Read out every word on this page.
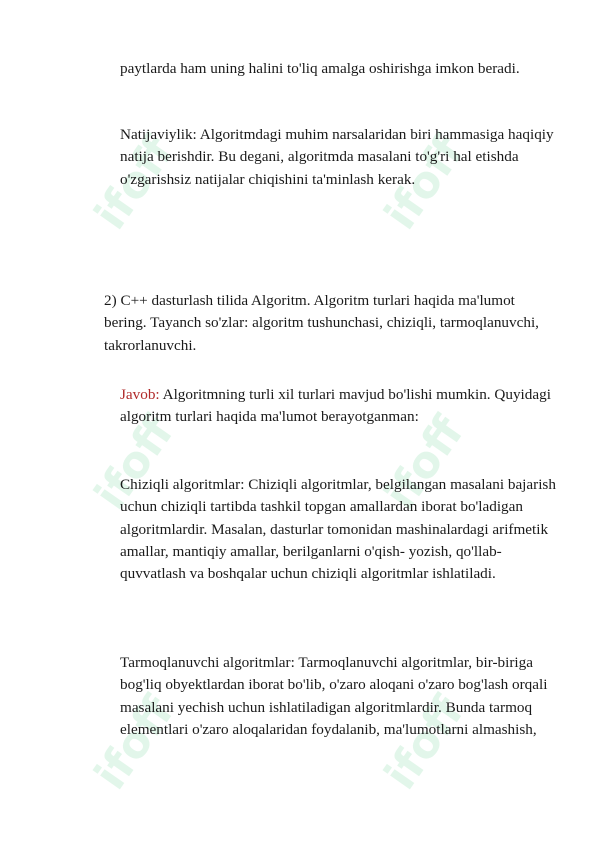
ifoff	ifoff
ifoff	ifoff
ifoff	ifoff

paytlarda ham uning halini to'liq amalga oshirishga imkon beradi.

Natijaviylik: Algoritmdagi muhim narsalaridan biri hammasiga haqiqiy natija berishdir. Bu degani, algoritmda masalani to'g'ri hal etishda o'zgarishsiz natijalar chiqishini ta'minlash kerak.

2) C++ dasturlash tilida Algoritm. Algoritm turlari haqida ma'lumot bering. Tayanch so'zlar: algoritm tushunchasi, chiziqli, tarmoqlanuvchi, takrorlanuvchi.

Javob: Algoritmning turli xil turlari mavjud bo'lishi mumkin. Quyidagi algoritm turlari haqida ma'lumot berayotganman:

Chiziqli algoritmlar: Chiziqli algoritmlar, belgilangan masalani bajarish uchun chiziqli tartibda tashkil topgan amallardan iborat bo'ladigan algoritmlardir. Masalan, dasturlar tomonidan mashinalardagi arifmetik amallar, mantiqiy amallar, berilganlarni o'qish- yozish, qo'llab-quvvatlash va boshqalar uchun chiziqli algoritmlar ishlatiladi.

Tarmoqlanuvchi algoritmlar: Tarmoqlanuvchi algoritmlar, bir-biriga bog'liq obyektlardan iborat bo'lib, o'zaro aloqani o'zaro bog'lash orqali masalani yechish uchun ishlatiladigan algoritmlardir. Bunda tarmoq elementlari o'zaro aloqalaridan foydalanib, ma'lumotlarni almashish,
